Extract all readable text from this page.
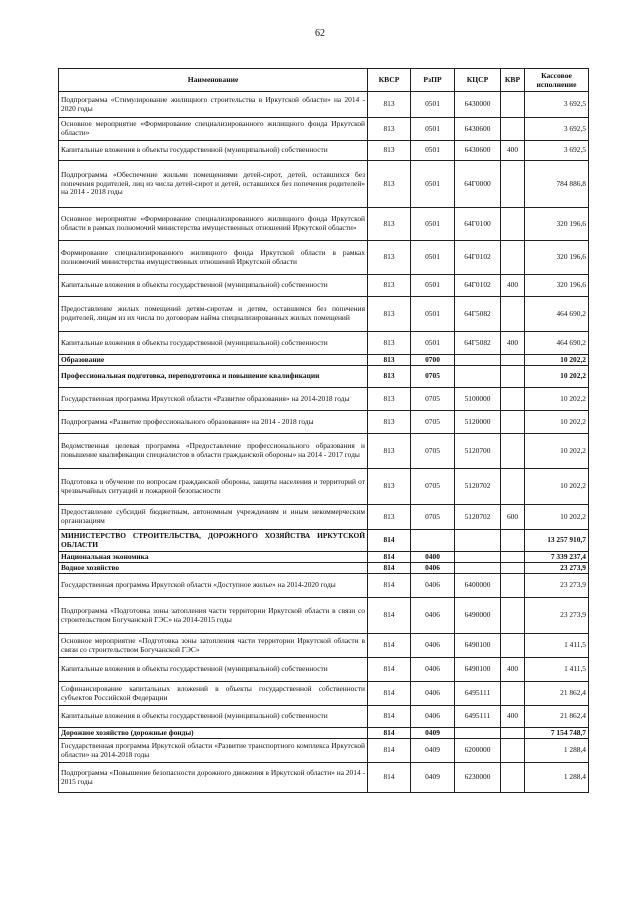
62
Наименование	КВСР	РзПР	КЦСР	КВР	Кассовое исполнение
Подпрограмма «Стимулирование жилищного строительства в Иркутской области» на 2014 - 2020 годы	813	0501	6430000		3 692,5
Основное мероприятие «Формирование специализированного жилищного фонда Иркутской области»	813	0501	6430600		3 692,5
Капитальные вложения в объекты государственной (муниципальной) собственности	813	0501	6430600	400	3 692,5
Подпрограмма «Обеспечение жильми помещениями детей-сирот, детей, оставшихся без попечения родителей, лиц из числа детей-сирот и детей, оставшихся без попечения родителей» на 2014 - 2018 годы	813	0501	64Г0000		784 886,8
Основное мероприятие «Формирование специализированного жилищного фонда Иркутской области в рамках полномочий министерства имущественных отношений Иркутской области»	813	0501	64Г0100		320 196,6
Формирование специализированного жилищного фонда Иркутской области в рамках полномочий министерства имущественных отношений Иркутской области	813	0501	64Г0102		320 196,6
Капитальные вложения в объекты государственной (муниципальной) собственности	813	0501	64Г0102	400	320 196,6
Предоставление жилых помещений детям-сиротам и детям, оставшимся без попечения родителей, лицам из их числа по договорам найма специализированных жилых помещений	813	0501	64Г5082		464 690,2
Капитальные вложения в объекты государственной (муниципальной) собственности	813	0501	64Г5082	400	464 690,2
Образование	813	0700			10 202,2
Профессиональная подготовка, переподготовка и повышение квалификации	813	0705			10 202,2
Государственная программа Иркутской области «Развитие образования» на 2014-2018 годы	813	0705	5100000		10 202,2
Подпрограмма «Развитие профессионального образования» на 2014 - 2018 годы	813	0705	5120000		10 202,2
Ведомственная целевая программа «Предоставление профессионального образования и повышение квалификации специалистов в области гражданской обороны» на 2014 - 2017 годы	813	0705	5120700		10 202,2
Подготовка и обучение по вопросам гражданской обороны, защиты населения и территорий от чрезвычайных ситуаций и пожарной безопасности	813	0705	5120702		10 202,2
Предоставление субсидий бюджетным, автономным учреждениям и иным некоммерческим организациям	813	0705	5120702	600	10 202,2
МИНИСТЕРСТВО СТРОИТЕЛЬСТВА, ДОРОЖНОГО ХОЗЯЙСТВА ИРКУТСКОЙ ОБЛАСТИ	814				13 257 910,7
Национальная экономика	814	0400			7 339 237,4
Водное хозяйство	814	0406			23 273,9
Государственная программа Иркутской области «Доступное жилье» на 2014-2020 годы	814	0406	6400000		23 273,9
Подпрограмма «Подготовка зоны затопления части территории Иркутской области в связи со строительством Богучанской ГЭС» на 2014-2015 годы	814	0406	6490000		23 273,9
Основное мероприятие «Подготовка зоны затопления части территории Иркутской области в связи со строительством Богучанской ГЭС»	814	0406	6490100		1 411,5
Капитальные вложения в объекты государственной (муниципальной) собственности	814	0406	6490100	400	1 411,5
Софинансирование капитальных вложений в объекты государственной собственности субъектов Российской Федерации	814	0406	6495111		21 862,4
Капитальные вложения в объекты государственной (муниципальной) собственности	814	0406	6495111	400	21 862,4
Дорожное хозяйство (дорожные фонды)	814	0409			7 154 748,7
Государственная программа Иркутской области «Развитие транспортного комплекса Иркутской области» на 2014-2018 годы	814	0409	6200000		1 288,4
Подпрограмма «Повышение безопасности дорожного движения в Иркутской области» на 2014 - 2015 годы	814	0409	6230000		1 288,4
